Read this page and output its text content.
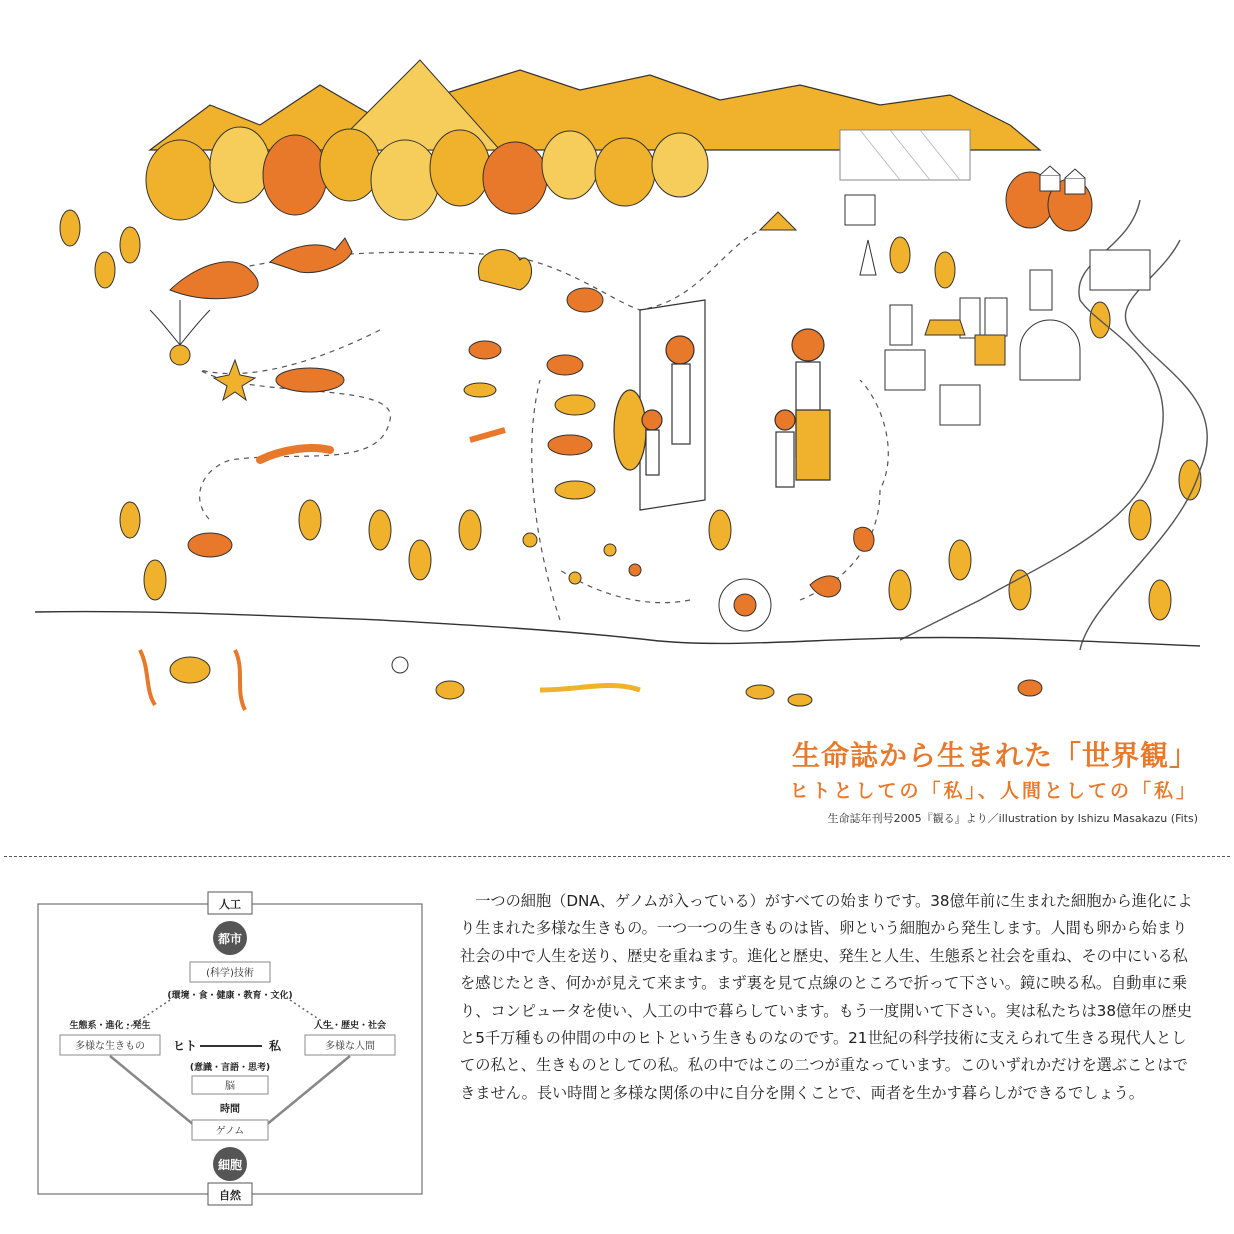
生命誌から生まれた「世界観」
ヒトとしての「私」、人間としての「私」
生命誌年刊号2005『観る』より／illustration by Ishizu Masakazu (Fits)
人工
都市
(科学)技術
(環境・食・健康・教育・文化)
生態系・進化・発生
多様な生きもの
人生・歴史・社会
多様な人間
ヒト	私
(意識・言語・思考)
脳
時間
ゲノム
細胞
自然

一つの細胞（DNA、ゲノムが入っている）がすべての始まりです。38億年前に生まれた細胞から進化により生まれた多様な生きもの。一つ一つの生きものは皆、卵という細胞から発生します。人間も卵から始まり社会の中で人生を送り、歴史を重ねます。進化と歴史、発生と人生、生態系と社会を重ね、その中にいる私を感じたとき、何かが見えて来ます。まず裏を見て点線のところで折って下さい。鏡に映る私。自動車に乗り、コンピュータを使い、人工の中で暮らしています。もう一度開いて下さい。実は私たちは38億年の歴史と5千万種もの仲間の中のヒトという生きものなのです。21世紀の科学技術に支えられて生きる現代人としての私と、生きものとしての私。私の中ではこの二つが重なっています。このいずれかだけを選ぶことはできません。長い時間と多様な関係の中に自分を開くことで、両者を生かす暮らしができるでしょう。
